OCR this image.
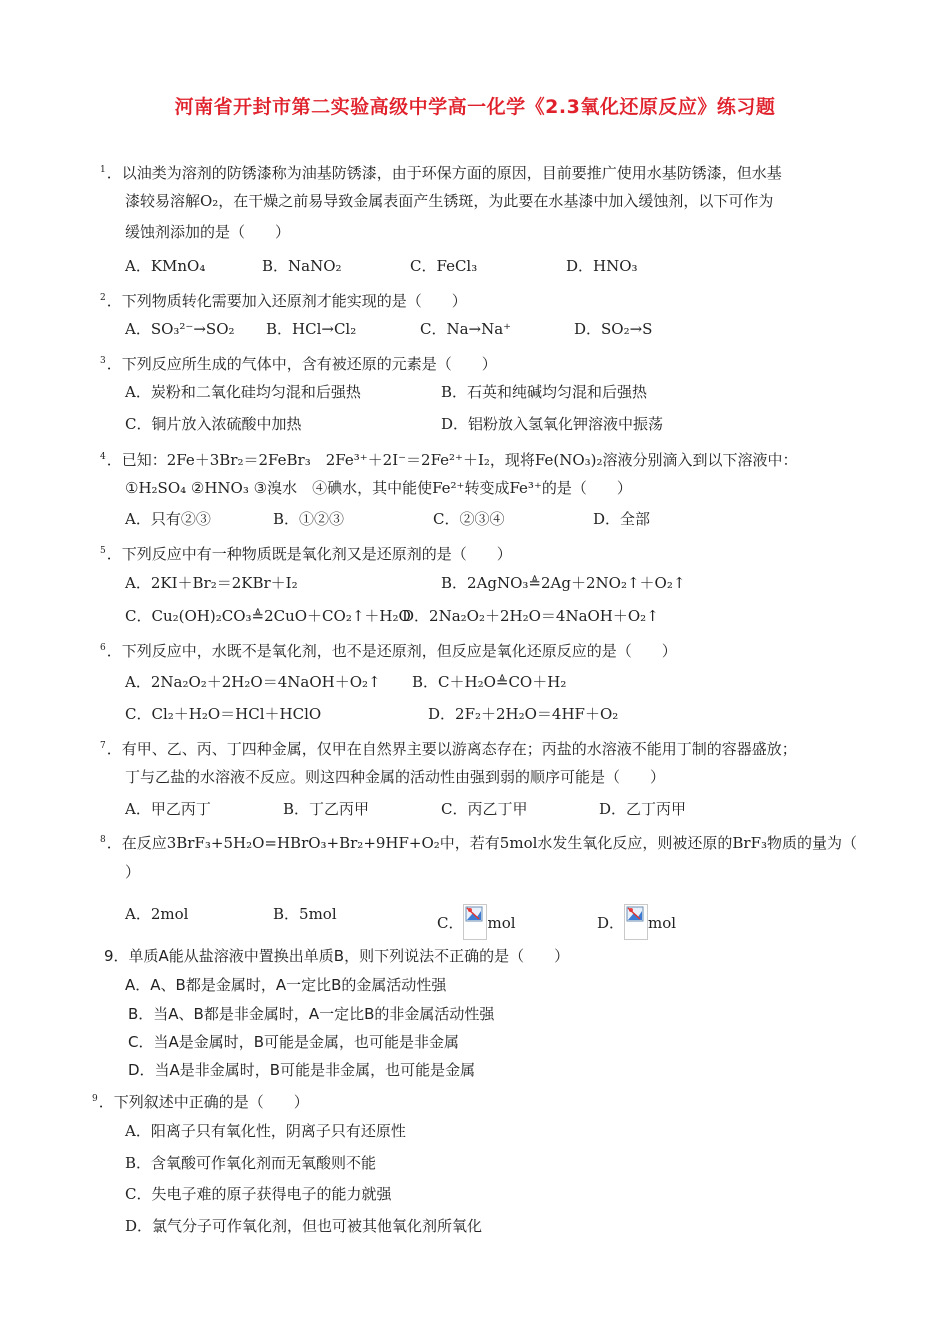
河南省开封市第二实验高级中学高一化学《2.3氧化还原反应》练习题
$^1$．以油类为溶剂的防锈漆称为油基防锈漆，由于环保方面的原因，目前要推广使用水基防锈漆，但水基
漆较易溶解O₂，在干燥之前易导致金属表面产生锈斑，为此要在水基漆中加入缓蚀剂，以下可作为
缓蚀剂添加的是（　　）
A．KMnO₄	B．NaNO₂	C．FeCl₃	D．HNO₃
$^2$．下列物质转化需要加入还原剂才能实现的是（　　）
A．SO₃²⁻→SO₂ B．HCl→Cl₂	C．Na→Na⁺	D．SO₂→S
$^3$．下列反应所生成的气体中，含有被还原的元素是（　　）
A．炭粉和二氧化硅均匀混和后强热	B．石英和纯碱均匀混和后强热
C．铜片放入浓硫酸中加热	D．铝粉放入氢氧化钾溶液中振荡
$^4$．已知：2Fe＋3Br₂＝2FeBr₃　2Fe³⁺＋2I⁻＝2Fe²⁺＋I₂，现将Fe(NO₃)₂溶液分别滴入到以下溶液中：
①H₂SO₄ ②HNO₃ ③溴水　④碘水，其中能使Fe²⁺转变成Fe³⁺的是（　　）
A．只有②③	B．①②③	C．②③④	D．全部
$^5$．下列反应中有一种物质既是氧化剂又是还原剂的是（　　）
A．2KI＋Br₂＝2KBr＋I₂	B．2AgNO₃≜2Ag＋2NO₂↑＋O₂↑
C．Cu₂(OH)₂CO₃≜2CuO＋CO₂↑＋H₂O
D．2Na₂O₂＋2H₂O＝4NaOH＋O₂↑
$^6$．下列反应中，水既不是氧化剂，也不是还原剂，但反应是氧化还原反应的是（　　）
A．2Na₂O₂＋2H₂O＝4NaOH＋O₂↑ B．C＋H₂O≜CO＋H₂
C．Cl₂＋H₂O＝HCl＋HClO	D．2F₂＋2H₂O＝4HF＋O₂
$^7$．有甲、乙、丙、丁四种金属，仅甲在自然界主要以游离态存在；丙盐的水溶液不能用丁制的容器盛放；
丁与乙盐的水溶液不反应。则这四种金属的活动性由强到弱的顺序可能是（　　）
A．甲乙丙丁	B．丁乙丙甲	C．丙乙丁甲	D．乙丁丙甲
$^8$．在反应3BrF₃+5H₂O=HBrO₃+Br₂+9HF+O₂中，若有5mol水发生氧化反应，则被还原的BrF₃物质的量为（
）
A．2mol	B．5mol	C． mol	D． mol
9．单质A能从盐溶液中置换出单质B，则下列说法不正确的是（　　）
A．A、B都是金属时，A一定比B的金属活动性强
B．当A、B都是非金属时，A一定比B的非金属活动性强
C．当A是金属时，B可能是金属，也可能是非金属
D．当A是非金属时，B可能是非金属，也可能是金属
$^9$．下列叙述中正确的是（　　）
A．阳离子只有氧化性，阴离子只有还原性
B．含氧酸可作氧化剂而无氧酸则不能
C．失电子难的原子获得电子的能力就强
D．氯气分子可作氧化剂，但也可被其他氧化剂所氧化
